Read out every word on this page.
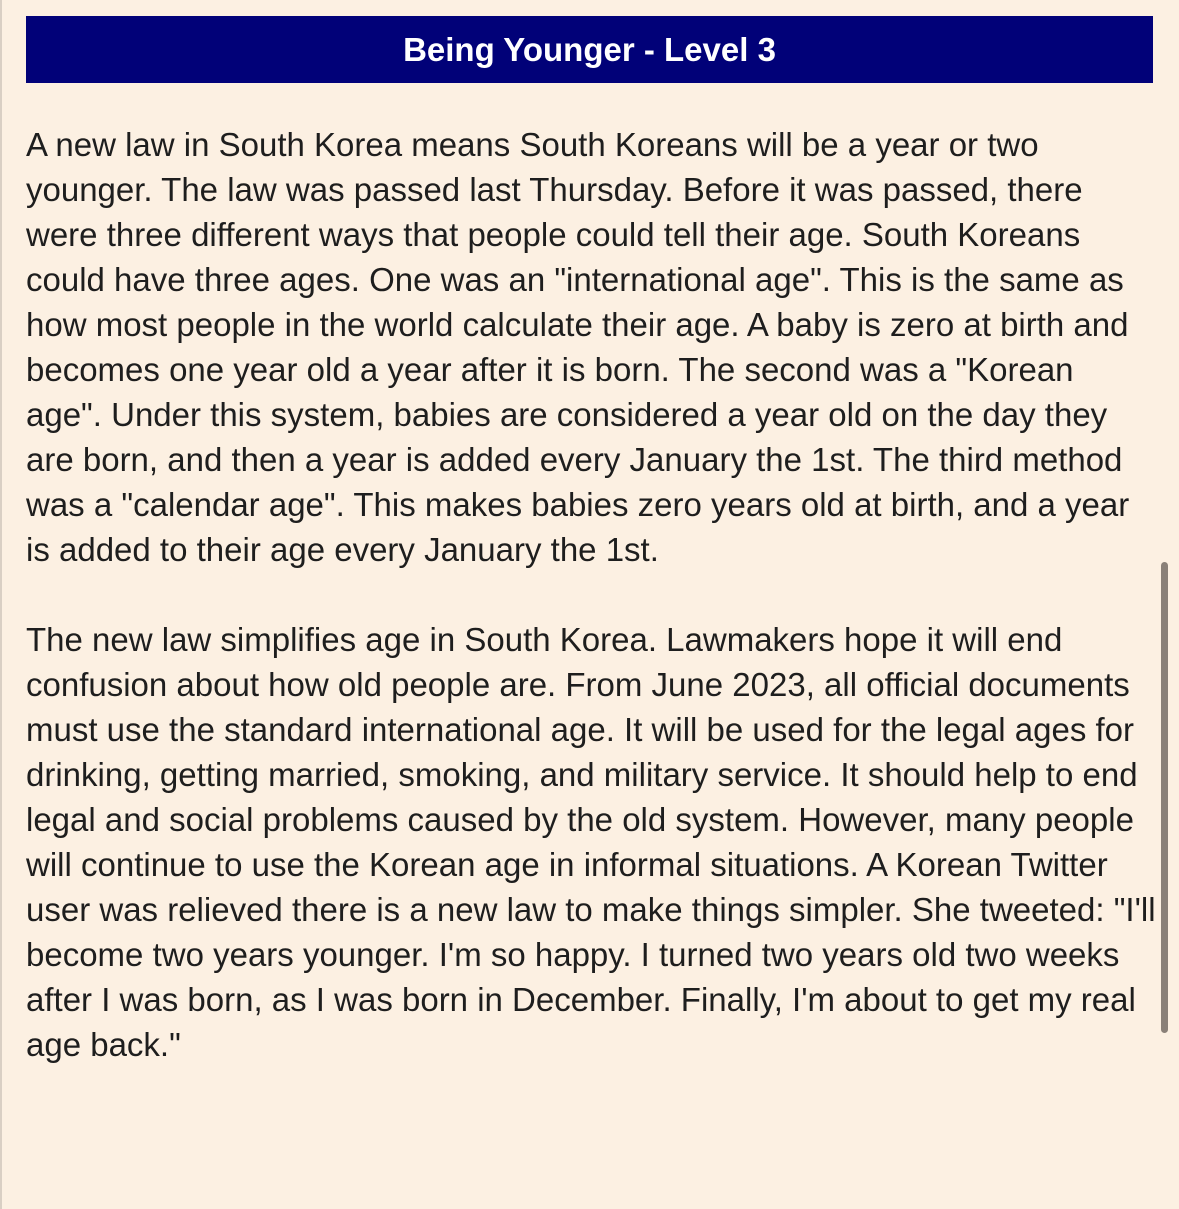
Being Younger - Level 3

A new law in South Korea means South Koreans will be a year or two younger. The law was passed last Thursday. Before it was passed, there were three different ways that people could tell their age. South Koreans could have three ages. One was an "international age". This is the same as how most people in the world calculate their age. A baby is zero at birth and becomes one year old a year after it is born. The second was a "Korean age". Under this system, babies are considered a year old on the day they are born, and then a year is added every January the 1st. The third method was a "calendar age". This makes babies zero years old at birth, and a year is added to their age every January the 1st.

The new law simplifies age in South Korea. Lawmakers hope it will end confusion about how old people are. From June 2023, all official documents must use the standard international age. It will be used for the legal ages for drinking, getting married, smoking, and military service. It should help to end legal and social problems caused by the old system. However, many people will continue to use the Korean age in informal situations. A Korean Twitter user was relieved there is a new law to make things simpler. She tweeted: "I'll become two years younger. I'm so happy. I turned two years old two weeks after I was born, as I was born in December. Finally, I'm about to get my real age back."
